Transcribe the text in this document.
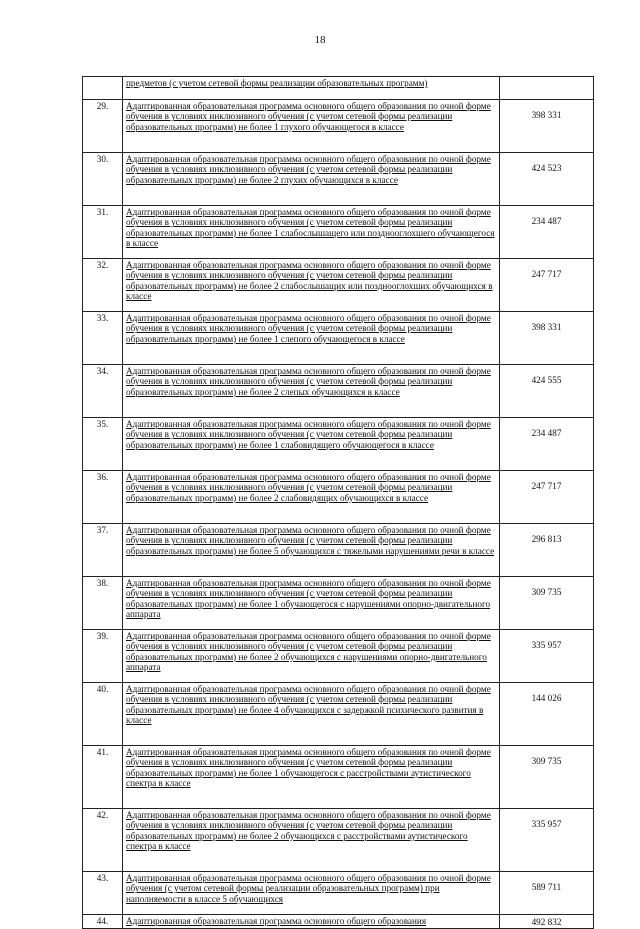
18
	предметов (с учетом сетевой формы реализации образовательных программ)	
29.	Адаптированная образовательная программа основного общего образования по очной форме обучения в условиях инклюзивного обучения (с учетом сетевой формы реализации образовательных программ) не более 1 глухого обучающегося в классе	398 331
30.	Адаптированная образовательная программа основного общего образования по очной форме обучения в условиях инклюзивного обучения (с учетом сетевой формы реализации образовательных программ) не более 2 глухих обучающихся в классе	424 523
31.	Адаптированная образовательная программа основного общего образования по очной форме обучения в условиях инклюзивного обучения (с учетом сетевой формы реализации образовательных программ) не более 1 слабослышащего или позднооглохшего обучающегося в классе	234 487
32.	Адаптированная образовательная программа основного общего образования по очной форме обучения в условиях инклюзивного обучения (с учетом сетевой формы реализации образовательных программ) не более 2 слабослышащих или позднооглохших обучающихся в классе	247 717
33.	Адаптированная образовательная программа основного общего образования по очной форме обучения в условиях инклюзивного обучения (с учетом сетевой формы реализации образовательных программ) не более 1 слепого обучающегося в классе	398 331
34.	Адаптированная образовательная программа основного общего образования по очной форме обучения в условиях инклюзивного обучения (с учетом сетевой формы реализации образовательных программ) не более 2 слепых обучающихся в классе	424 555
35.	Адаптированная образовательная программа основного общего образования по очной форме обучения в условиях инклюзивного обучения (с учетом сетевой формы реализации образовательных программ) не более 1 слабовидящего обучающегося в классе	234 487
36.	Адаптированная образовательная программа основного общего образования по очной форме обучения в условиях инклюзивного обучения (с учетом сетевой формы реализации образовательных программ) не более 2 слабовидящих обучающихся в классе	247 717
37.	Адаптированная образовательная программа основного общего образования по очной форме обучения в условиях инклюзивного обучения (с учетом сетевой формы реализации образовательных программ) не более 5 обучающихся с тяжелыми нарушениями речи в классе	296 813
38.	Адаптированная образовательная программа основного общего образования по очной форме обучения в условиях инклюзивного обучения (с учетом сетевой формы реализации образовательных программ) не более 1 обучающегося с нарушениями опорно-двигательного аппарата	309 735
39.	Адаптированная образовательная программа основного общего образования по очной форме обучения в условиях инклюзивного обучения (с учетом сетевой формы реализации образовательных программ) не более 2 обучающихся с нарушениями опорно-двигательного аппарата	335 957
40.	Адаптированная образовательная программа основного общего образования по очной форме обучения в условиях инклюзивного обучения (с учетом сетевой формы реализации образовательных программ) не более 4 обучающихся с задержкой психического развития в классе	144 026
41.	Адаптированная образовательная программа основного общего образования по очной форме обучения в условиях инклюзивного обучения (с учетом сетевой формы реализации образовательных программ) не более 1 обучающегося с расстройствами аутистического спектра в классе	309 735
42.	Адаптированная образовательная программа основного общего образования по очной форме обучения в условиях инклюзивного обучения (с учетом сетевой формы реализации образовательных программ) не более 2 обучающихся с расстройствами аутистического спектра в классе	335 957
43.	Адаптированная образовательная программа основного общего образования по очной форме обучения (с учетом сетевой формы реализации образовательных программ) при наполняемости в классе 5 обучающихся	589 711
44.	Адаптированная образовательная программа основного общего образования	492 832
